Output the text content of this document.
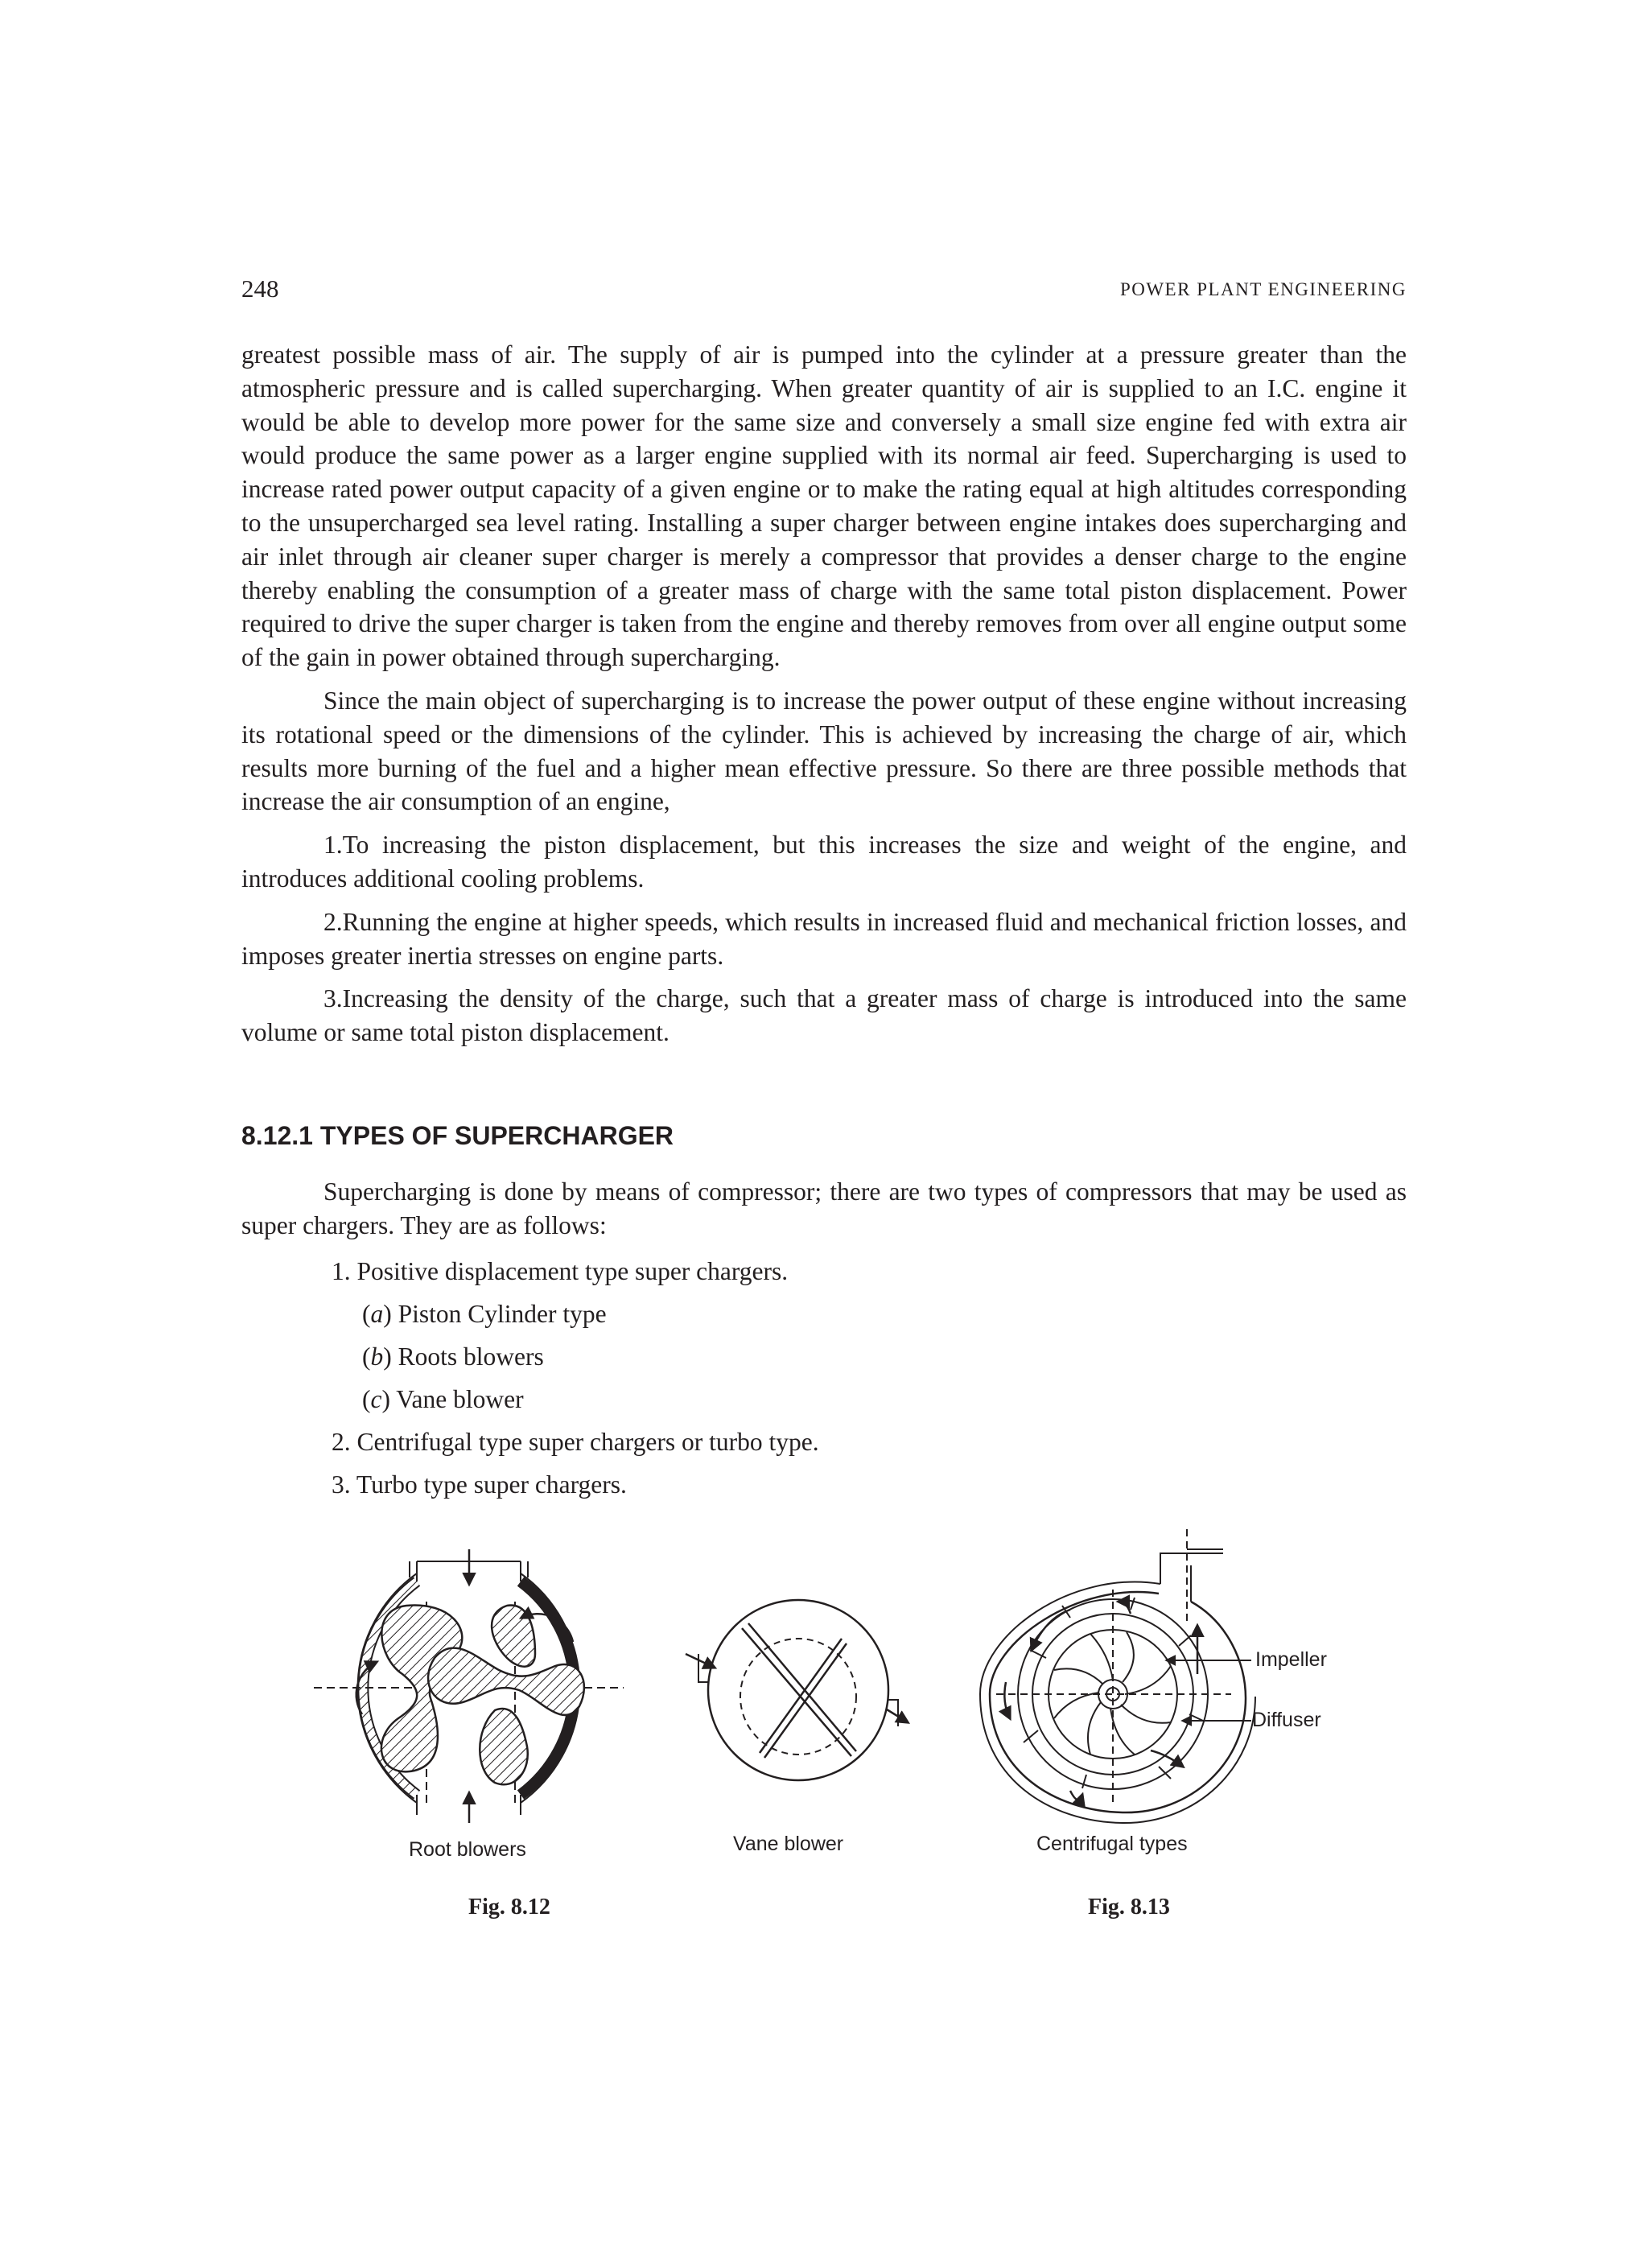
248	POWER PLANT ENGINEERING

greatest possible mass of air. The supply of air is pumped into the cylinder at a pressure greater than the atmospheric pressure and is called supercharging. When greater quantity of air is supplied to an I.C. engine it would be able to develop more power for the same size and conversely a small size engine fed with extra air would produce the same power as a larger engine supplied with its normal air feed. Supercharging is used to increase rated power output capacity of a given engine or to make the rating equal at high altitudes corresponding to the unsupercharged sea level rating. Installing a super charger between engine intakes does supercharging and air inlet through air cleaner super charger is merely a compressor that provides a denser charge to the engine thereby enabling the consumption of a greater mass of charge with the same total piston displacement. Power required to drive the super charger is taken from the engine and thereby removes from over all engine output some of the gain in power obtained through supercharging.

Since the main object of supercharging is to increase the power output of these engine without increasing its rotational speed or the dimensions of the cylinder. This is achieved by increasing the charge of air, which results more burning of the fuel and a higher mean effective pressure. So there are three possible methods that increase the air consumption of an engine,

1.To increasing the piston displacement, but this increases the size and weight of the engine, and introduces additional cooling problems.

2.Running the engine at higher speeds, which results in increased fluid and mechanical friction losses, and imposes greater inertia stresses on engine parts.

3.Increasing the density of the charge, such that a greater mass of charge is introduced into the same volume or same total piston displacement.

8.12.1 TYPES OF SUPERCHARGER

Supercharging is done by means of compressor; there are two types of compressors that may be used as super chargers. They are as follows:

1. Positive displacement type super chargers.
(a) Piston Cylinder type
(b) Roots blowers
(c) Vane blower
2. Centrifugal type super chargers or turbo type.
3. Turbo type super chargers.
Impeller
Diffuser
Root blowers	Vane blower	Centrifugal types
Fig. 8.12	Fig. 8.13
